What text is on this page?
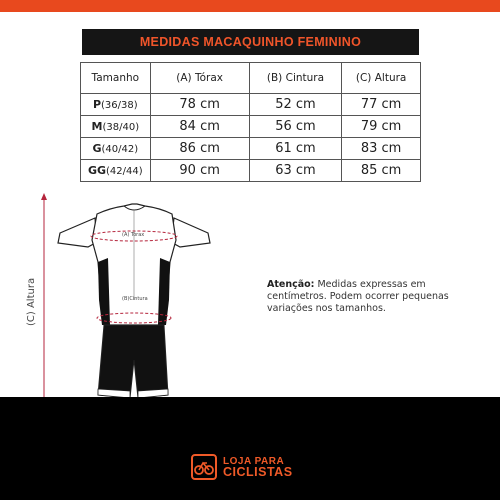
MEDIDAS MACAQUINHO FEMININO
Tamanho	(A) Tórax	(B) Cintura	(C) Altura
P(36/38)	78 cm	52 cm	77 cm
M(38/40)	84 cm	56 cm	79 cm
G(40/42)	86 cm	61 cm	83 cm
GG(42/44)	90 cm	63 cm	85 cm
(A) Tórax
(B)Cintura
(C) Altura	Atenção: Medidas expressas em centímetros. Podem ocorrer pequenas variações nos tamanhos.
LOJA PARA
CICLISTAS
